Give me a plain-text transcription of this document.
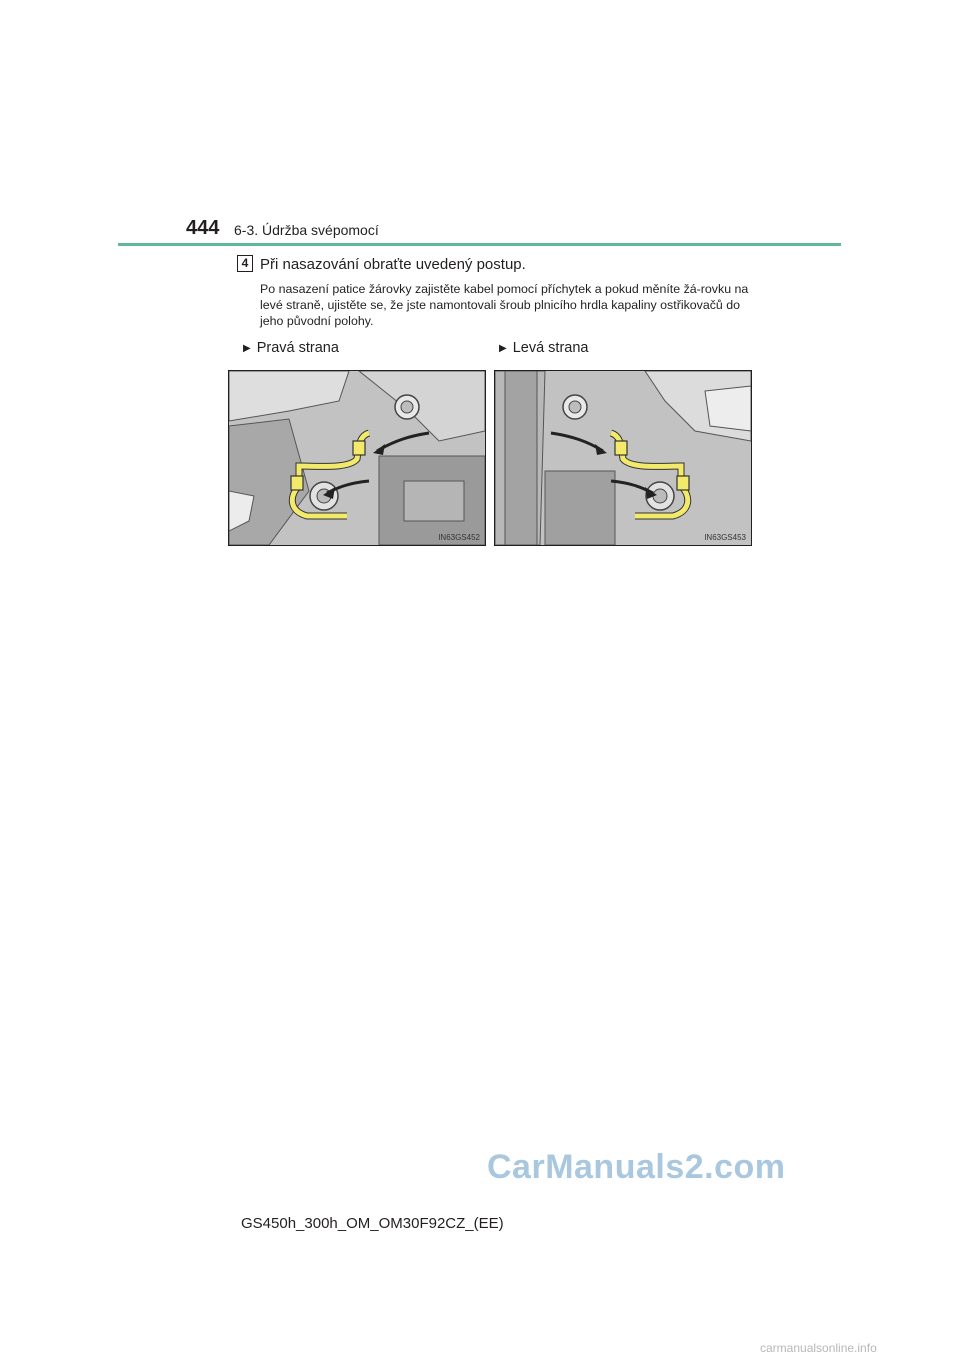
444 6-3. Údržba svépomocí
4 Při nasazování obraťte uvedený postup.

Po nasazení patice žárovky zajistěte kabel pomocí příchytek a pokud měníte žá-rovku na levé straně, ujistěte se, že jste namontovali šroub plnicího hrdla kapaliny ostřikovačů do jeho původní polohy.

▶ Pravá strana	▶ Levá strana
IN63GS452	IN63GS453
CarManuals2.com
GS450h_300h_OM_OM30F92CZ_(EE)
carmanualsonline.info
